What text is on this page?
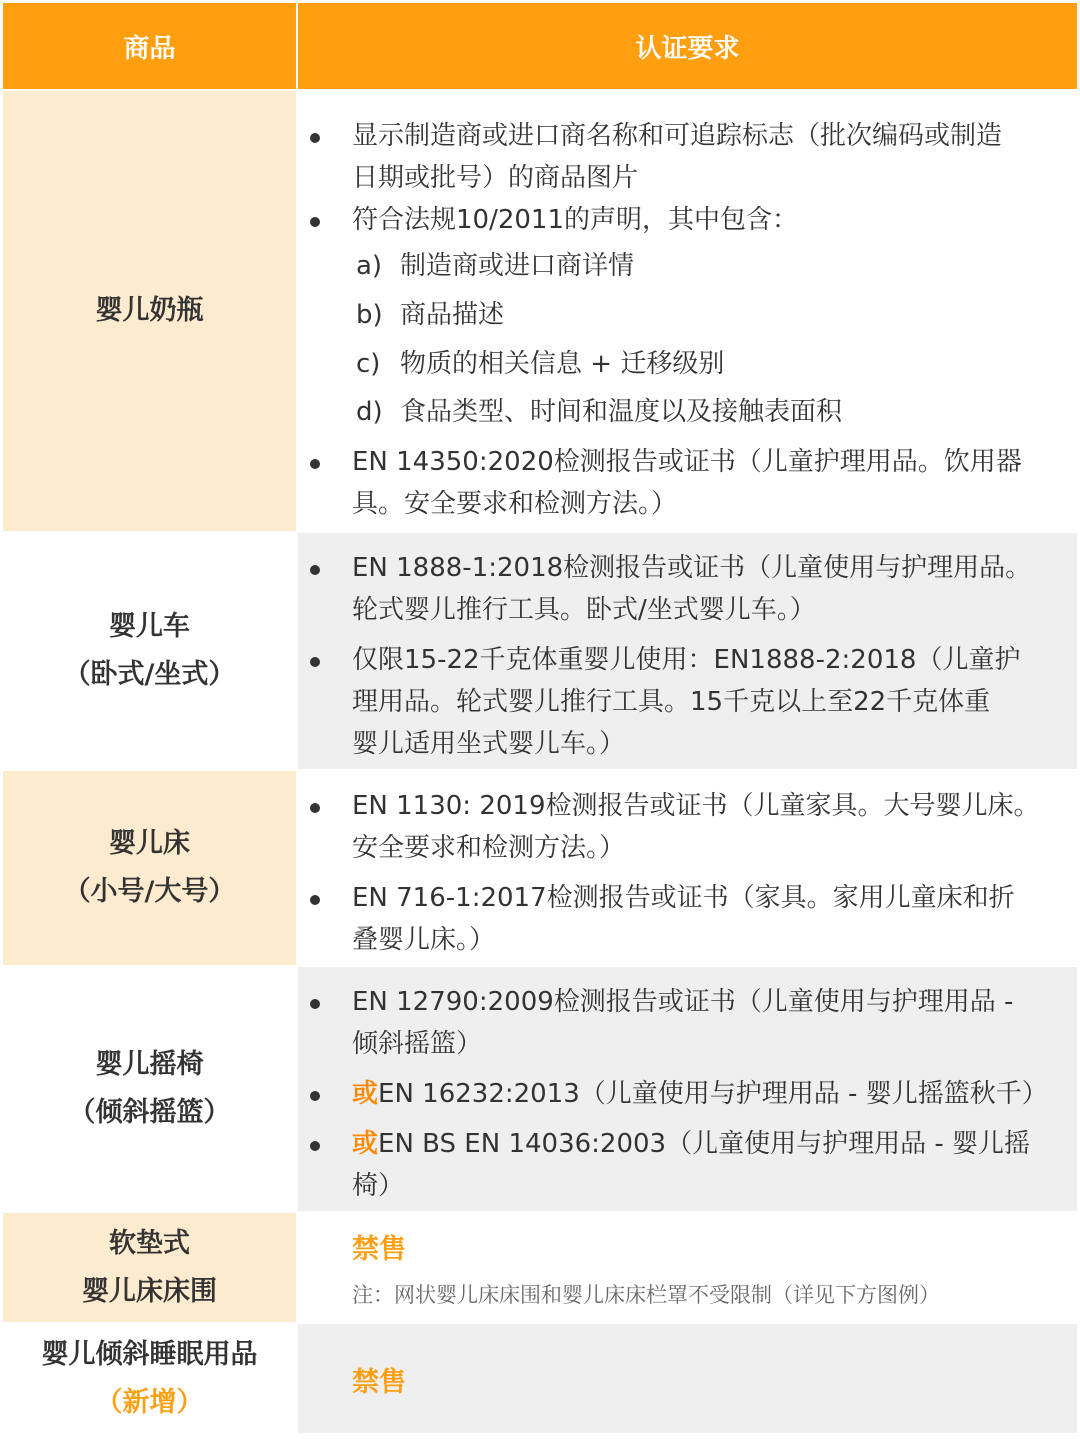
商品	认证要求
婴儿奶瓶
显示制造商或进口商名称和可追踪标志（批次编码或制造
日期或批号）的商品图片
符合法规10/2011的声明，其中包含：
a) 制造商或进口商详情
b) 商品描述
c) 物质的相关信息 + 迁移级别
d) 食品类型、时间和温度以及接触表面积
EN 14350:2020检测报告或证书（儿童护理用品。饮用器
具。安全要求和检测方法。）
婴儿车
（卧式/坐式）
EN 1888-1:2018检测报告或证书（儿童使用与护理用品。
轮式婴儿推行工具。卧式/坐式婴儿车。）
仅限15-22千克体重婴儿使用：EN1888-2:2018（儿童护
理用品。轮式婴儿推行工具。15千克以上至22千克体重
婴儿适用坐式婴儿车。）
婴儿床
（小号/大号）
EN 1130: 2019检测报告或证书（儿童家具。大号婴儿床。
安全要求和检测方法。）
EN 716-1:2017检测报告或证书（家具。家用儿童床和折
叠婴儿床。）
婴儿摇椅
（倾斜摇篮）
EN 12790:2009检测报告或证书（儿童使用与护理用品 -
倾斜摇篮）
或EN 16232:2013（儿童使用与护理用品 - 婴儿摇篮秋千）
或EN BS EN 14036:2003（儿童使用与护理用品 - 婴儿摇
椅）
软垫式
婴儿床床围
禁售
注：网状婴儿床床围和婴儿床床栏罩不受限制（详见下方图例）
婴儿倾斜睡眠用品
（新增）
禁售
